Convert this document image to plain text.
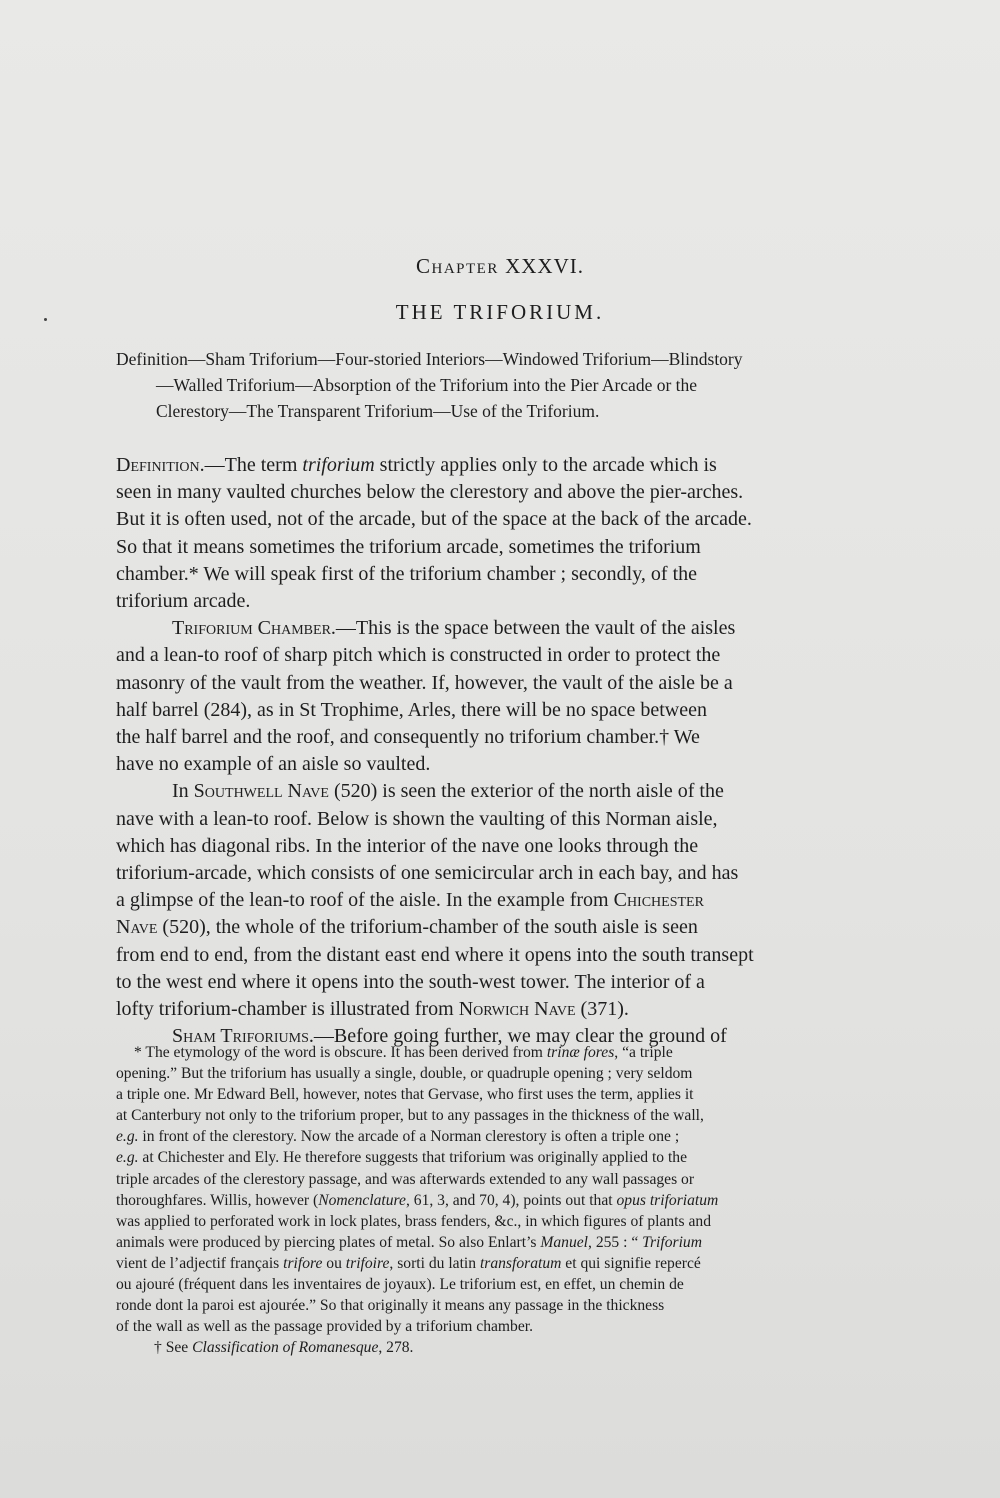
Chapter XXXVI.
THE TRIFORIUM.
Definition—Sham Triforium—Four-storied Interiors—Windowed Triforium—Blindstory
—Walled Triforium—Absorption of the Triforium into the Pier Arcade or the
Clerestory—The Transparent Triforium—Use of the Triforium.
Definition.—The term triforium strictly applies only to the arcade which is
seen in many vaulted churches below the clerestory and above the pier-arches.
But it is often used, not of the arcade, but of the space at the back of the arcade.
So that it means sometimes the triforium arcade, sometimes the triforium
chamber.* We will speak first of the triforium chamber ; secondly, of the
triforium arcade.
Triforium Chamber.—This is the space between the vault of the aisles
and a lean-to roof of sharp pitch which is constructed in order to protect the
masonry of the vault from the weather. If, however, the vault of the aisle be a
half barrel (284), as in St Trophime, Arles, there will be no space between
the half barrel and the roof, and consequently no triforium chamber.† We
have no example of an aisle so vaulted.
In Southwell Nave (520) is seen the exterior of the north aisle of the
nave with a lean-to roof. Below is shown the vaulting of this Norman aisle,
which has diagonal ribs. In the interior of the nave one looks through the
triforium-arcade, which consists of one semicircular arch in each bay, and has
a glimpse of the lean-to roof of the aisle. In the example from Chichester
Nave (520), the whole of the triforium-chamber of the south aisle is seen
from end to end, from the distant east end where it opens into the south transept
to the west end where it opens into the south-west tower. The interior of a
lofty triforium-chamber is illustrated from Norwich Nave (371).
Sham Triforiums.—Before going further, we may clear the ground of
* The etymology of the word is obscure. It has been derived from trinæ fores, “a triple
opening.” But the triforium has usually a single, double, or quadruple opening ; very seldom
a triple one. Mr Edward Bell, however, notes that Gervase, who first uses the term, applies it
at Canterbury not only to the triforium proper, but to any passages in the thickness of the wall,
e.g. in front of the clerestory. Now the arcade of a Norman clerestory is often a triple one ;
e.g. at Chichester and Ely. He therefore suggests that triforium was originally applied to the
triple arcades of the clerestory passage, and was afterwards extended to any wall passages or
thoroughfares. Willis, however (Nomenclature, 61, 3, and 70, 4), points out that opus triforiatum
was applied to perforated work in lock plates, brass fenders, &c., in which figures of plants and
animals were produced by piercing plates of metal. So also Enlart’s Manuel, 255 : “ Triforium
vient de l’adjectif français trifore ou trifoire, sorti du latin transforatum et qui signifie repercé
ou ajouré (fréquent dans les inventaires de joyaux). Le triforium est, en effet, un chemin de
ronde dont la paroi est ajourée.” So that originally it means any passage in the thickness
of the wall as well as the passage provided by a triforium chamber.
† See Classification of Romanesque, 278.
